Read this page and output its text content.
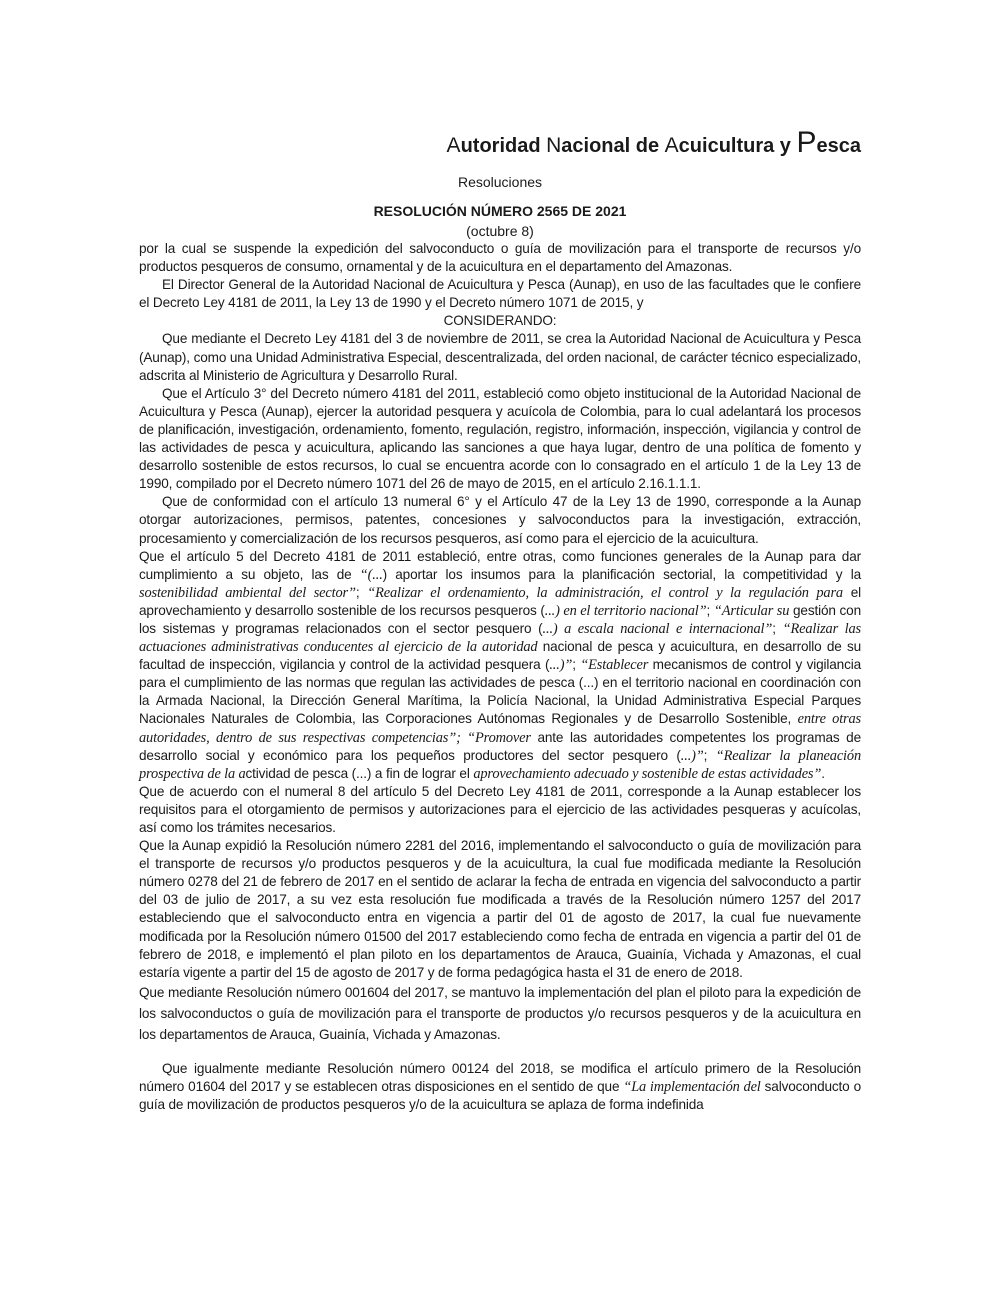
Autoridad Nacional de Acuicultura y Pesca
Resoluciones
RESOLUCIÓN NÚMERO 2565 DE 2021
(octubre 8)

por la cual se suspende la expedición del salvoconducto o guía de movilización para el transporte de recursos y/o productos pesqueros de consumo, ornamental y de la acuicultura en el departamento del Amazonas.

El Director General de la Autoridad Nacional de Acuicultura y Pesca (Aunap), en uso de las facultades que le confiere el Decreto Ley 4181 de 2011, la Ley 13 de 1990 y el Decreto número 1071 de 2015, y

CONSIDERANDO:

Que mediante el Decreto Ley 4181 del 3 de noviembre de 2011, se crea la Autoridad Nacional de Acuicultura y Pesca (Aunap), como una Unidad Administrativa Especial, descentralizada, del orden nacional, de carácter técnico especializado, adscrita al Ministerio de Agricultura y Desarrollo Rural.

Que el Artículo 3° del Decreto número 4181 del 2011, estableció como objeto institucional de la Autoridad Nacional de Acuicultura y Pesca (Aunap), ejercer la autoridad pesquera y acuícola de Colombia, para lo cual adelantará los procesos de planificación, investigación, ordenamiento, fomento, regulación, registro, información, inspección, vigilancia y control de las actividades de pesca y acuicultura, aplicando las sanciones a que haya lugar, dentro de una política de fomento y desarrollo sostenible de estos recursos, lo cual se encuentra acorde con lo consagrado en el artículo 1 de la Ley 13 de 1990, compilado por el Decreto número 1071 del 26 de mayo de 2015, en el artículo 2.16.1.1.1.

Que de conformidad con el artículo 13 numeral 6° y el Artículo 47 de la Ley 13 de 1990, corresponde a la Aunap otorgar autorizaciones, permisos, patentes, concesiones y salvoconductos para la investigación, extracción, procesamiento y comercialización de los recursos pesqueros, así como para el ejercicio de la acuicultura.

Que el artículo 5 del Decreto 4181 de 2011 estableció, entre otras, como funciones generales de la Aunap para dar cumplimiento a su objeto, las de “(...) aportar los insumos para la planificación sectorial, la competitividad y la sostenibilidad ambiental del sector”; “Realizar el ordenamiento, la administración, el control y la regulación para el aprovechamiento y desarrollo sostenible de los recursos pesqueros (...) en el territorio nacional”; “Articular su gestión con los sistemas y programas relacionados con el sector pesquero (...) a escala nacional e internacional”; “Realizar las actuaciones administrativas conducentes al ejercicio de la autoridad nacional de pesca y acuicultura, en desarrollo de su facultad de inspección, vigilancia y control de la actividad pesquera (...)”; “Establecer mecanismos de control y vigilancia para el cumplimiento de las normas que regulan las actividades de pesca (...) en el territorio nacional en coordinación con la Armada Nacional, la Dirección General Marítima, la Policía Nacional, la Unidad Administrativa Especial Parques Nacionales Naturales de Colombia, las Corporaciones Autónomas Regionales y de Desarrollo Sostenible, entre otras autoridades, dentro de sus respectivas competencias”; “Promover ante las autoridades competentes los programas de desarrollo social y económico para los pequeños productores del sector pesquero (...)”; “Realizar la planeación prospectiva de la actividad de pesca (...) a fin de lograr el aprovechamiento adecuado y sostenible de estas actividades”.

Que de acuerdo con el numeral 8 del artículo 5 del Decreto Ley 4181 de 2011, corresponde a la Aunap establecer los requisitos para el otorgamiento de permisos y autorizaciones para el ejercicio de las actividades pesqueras y acuícolas, así como los trámites necesarios.

Que la Aunap expidió la Resolución número 2281 del 2016, implementando el salvoconducto o guía de movilización para el transporte de recursos y/o productos pesqueros y de la acuicultura, la cual fue modificada mediante la Resolución número 0278 del 21 de febrero de 2017 en el sentido de aclarar la fecha de entrada en vigencia del salvoconducto a partir del 03 de julio de 2017, a su vez esta resolución fue modificada a través de la Resolución número 1257 del 2017 estableciendo que el salvoconducto entra en vigencia a partir del 01 de agosto de 2017, la cual fue nuevamente modificada por la Resolución número 01500 del 2017 estableciendo como fecha de entrada en vigencia a partir del 01 de febrero de 2018, e implementó el plan piloto en los departamentos de Arauca, Guainía, Vichada y Amazonas, el cual estaría vigente a partir del 15 de agosto de 2017 y de forma pedagógica hasta el 31 de enero de 2018.

Que mediante Resolución número 001604 del 2017, se mantuvo la implementación del plan el piloto para la expedición de los salvoconductos o guía de movilización para el transporte de productos y/o recursos pesqueros y de la acuicultura en los departamentos de Arauca, Guainía, Vichada y Amazonas.

Que igualmente mediante Resolución número 00124 del 2018, se modifica el artículo primero de la Resolución número 01604 del 2017 y se establecen otras disposiciones en el sentido de que “La implementación del salvoconducto o guía de movilización de productos pesqueros y/o de la acuicultura se aplaza de forma indefinida
